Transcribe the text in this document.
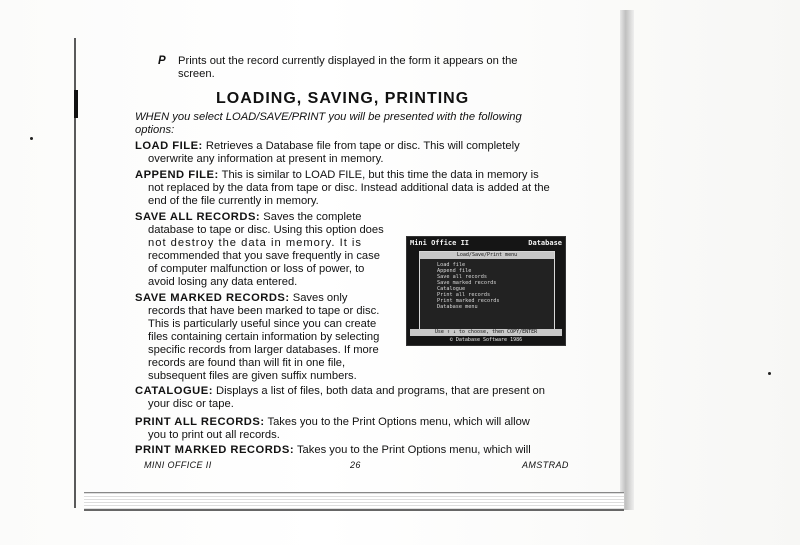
P Prints out the record currently displayed in the form it appears on the
screen.
LOADING, SAVING, PRINTING
WHEN you select LOAD/SAVE/PRINT you will be presented with the following
options:
LOAD FILE: Retrieves a Database file from tape or disc. This will completely
overwrite any information at present in memory.
APPEND FILE: This is similar to LOAD FILE, but this time the data in memory is
not replaced by the data from tape or disc. Instead additional data is added at the
end of the file currently in memory.
SAVE ALL RECORDS: Saves the complete
database to tape or disc. Using this option does
not destroy the data in memory. It is
recommended that you save frequently in case
of computer malfunction or loss of power, to
avoid losing any data entered.
SAVE MARKED RECORDS: Saves only
records that have been marked to tape or disc.
This is particularly useful since you can create
files containing certain information by selecting
specific records from larger databases. If more
records are found than will fit in one file,
subsequent files are given suffix numbers.
CATALOGUE: Displays a list of files, both data and programs, that are present on
your disc or tape.
PRINT ALL RECORDS: Takes you to the Print Options menu, which will allow
you to print out all records.
PRINT MARKED RECORDS: Takes you to the Print Options menu, which will
MINI OFFICE II	26	AMSTRAD
Mini Office II	Database
Load/Save/Print menu
Load file
Append file
Save all records
Save marked records
Catalogue
Print all records
Print marked records
Database menu
Use ↑ ↓ to choose, then COPY/ENTER
© Database Software 1986
